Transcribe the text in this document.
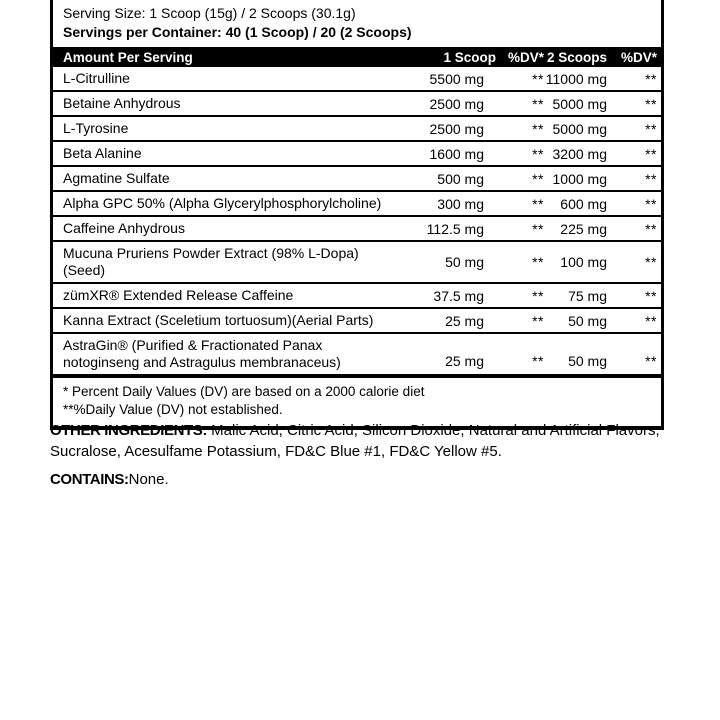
Serving Size: 1 Scoop (15g) / 2 Scoops (30.1g)
Servings per Container: 40 (1 Scoop) / 20 (2 Scoops)
Amount Per Serving	1 Scoop %DV* 2 Scoops	%DV*
L-Citrulline	5500 mg	** 11000 mg	**
Betaine Anhydrous	2500 mg	** 5000 mg	**
L-Tyrosine	2500 mg	** 5000 mg	**
Beta Alanine	1600 mg	** 3200 mg	**
Agmatine Sulfate	500 mg	** 1000 mg	**
Alpha GPC 50% (Alpha Glycerylphosphorylcholine)	300 mg	**	600 mg	**
Caffeine Anhydrous	112.5 mg	**	225 mg	**
Mucuna Pruriens Powder Extract (98% L-Dopa)(Seed)	50 mg	**	100 mg	**
zümXR® Extended Release Caffeine	37.5 mg	**	75 mg	**
Kanna Extract (Sceletium tortuosum)(Aerial Parts)	25 mg	**	50 mg	**
AstraGin® (Purified & Fractionated Panax notoginseng and Astragulus membranaceus)	25 mg	**	50 mg	**
* Percent Daily Values (DV) are based on a 2000 calorie diet
**%Daily Value (DV) not established.

OTHER INGREDIENTS: Malic Acid, Citric Acid, Silicon Dioxide, Natural and Artificial Flavors, Sucralose, Acesulfame Potassium, FD&C Blue #1, FD&C Yellow #5.

CONTAINS:None.
